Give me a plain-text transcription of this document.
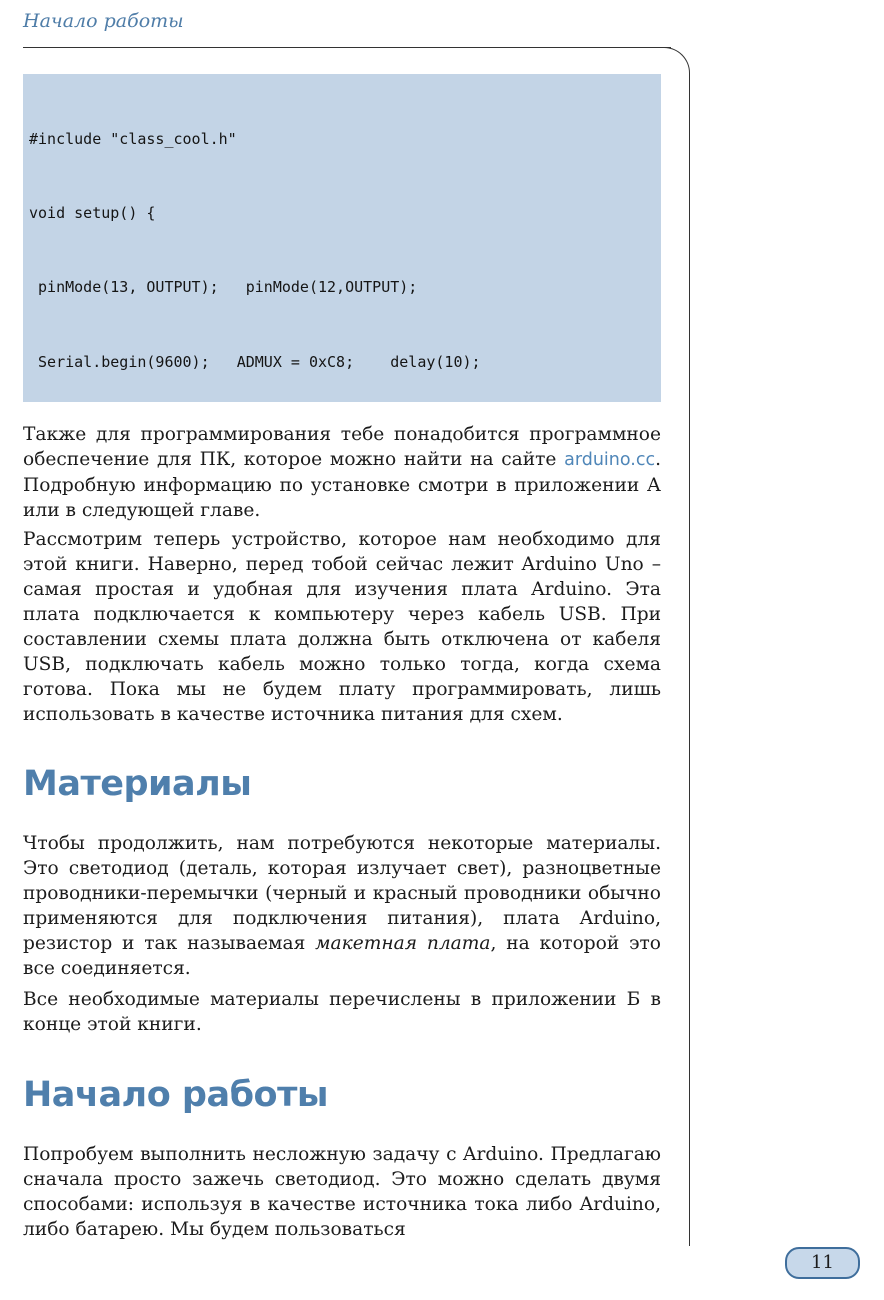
Начало работы

#include "class_cool.h"

void setup() {

pinMode(13, OUTPUT);   pinMode(12,OUTPUT);

Serial.begin(9600);   ADMUX = 0xC8;    delay(10);

Также для программирования тебе понадобится программное обеспечение для ПК, которое можно найти на сайте arduino.cc. Подробную информацию по установке смотри в приложении А или в следующей главе.

Рассмотрим теперь устройство, которое нам необходимо для этой книги. Наверно, перед тобой сейчас лежит Arduino Uno – самая простая и удобная для изучения плата Arduino. Эта плата подключается к компьютеру через кабель USB. При составлении схемы плата должна быть отключена от кабеля USB, подключать кабель можно только тогда, когда схема готова. Пока мы не будем плату программировать, лишь использовать в качестве источника питания для схем.

Материалы

Чтобы продолжить, нам потребуются некоторые материалы. Это светодиод (деталь, которая излучает свет), разноцветные проводники-перемычки (черный и красный проводники обычно применяются для подключения питания), плата Arduino, резистор и так называемая макетная плата, на которой это все соединяется.

Все необходимые материалы перечислены в приложении Б в конце этой книги.

Начало работы

Попробуем выполнить несложную задачу с Arduino. Предлагаю сначала просто зажечь светодиод. Это можно сделать двумя способами: используя в качестве источника тока либо Arduino, либо батарею. Мы будем пользоваться

11
